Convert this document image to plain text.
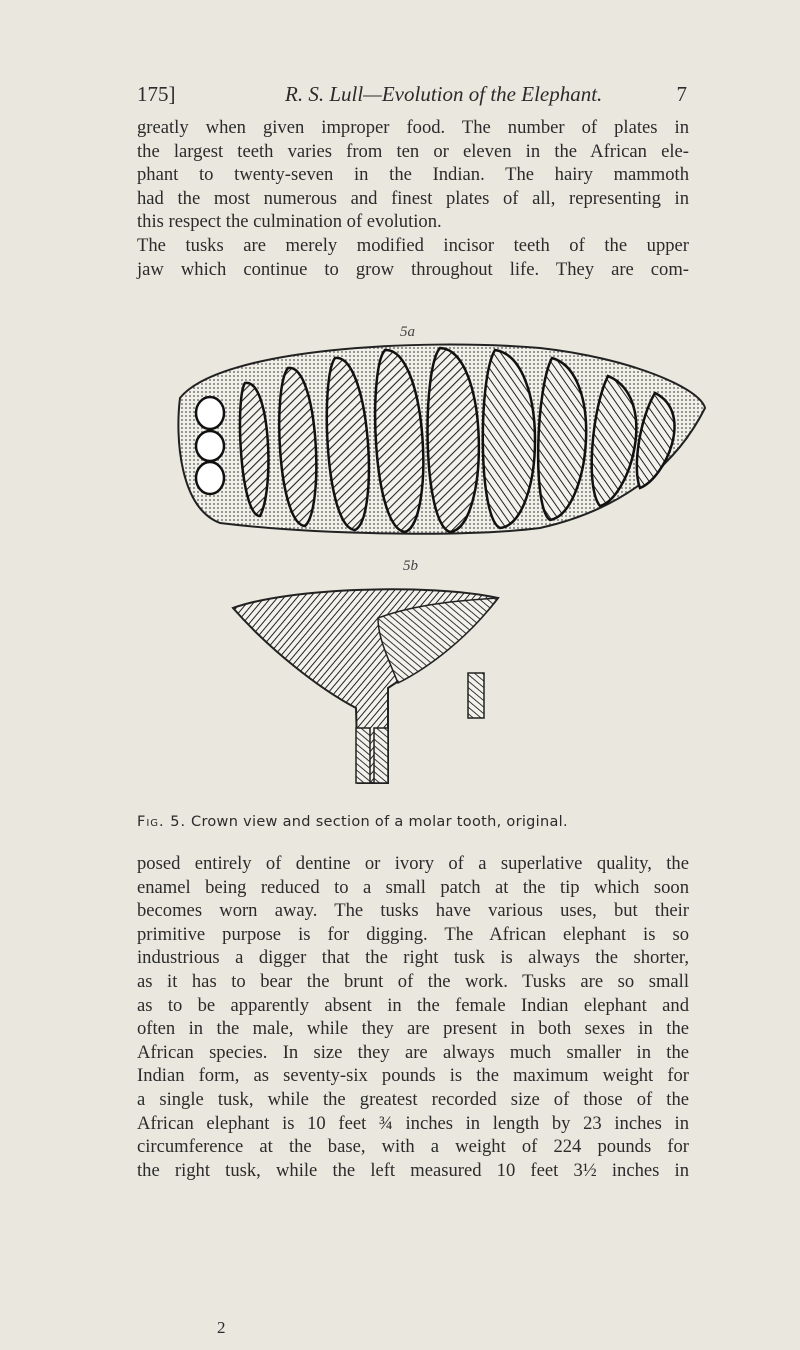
175]	R. S. Lull—Evolution of the Elephant.	7

greatly when given improper food. The number of plates in
the largest teeth varies from ten or eleven in the African ele-
phant to twenty-seven in the Indian. The hairy mammoth
had the most numerous and finest plates of all, representing in
this respect the culmination of evolution.
The tusks are merely modified incisor teeth of the upper
jaw which continue to grow throughout life. They are com-

5a
5b
Fig. 5. Crown view and section of a molar tooth, original.

posed entirely of dentine or ivory of a superlative quality, the
enamel being reduced to a small patch at the tip which soon
becomes worn away. The tusks have various uses, but their
primitive purpose is for digging. The African elephant is so
industrious a digger that the right tusk is always the shorter,
as it has to bear the brunt of the work. Tusks are so small
as to be apparently absent in the female Indian elephant and
often in the male, while they are present in both sexes in the
African species. In size they are always much smaller in the
Indian form, as seventy-six pounds is the maximum weight for
a single tusk, while the greatest recorded size of those of the
African elephant is 10 feet ¾ inches in length by 23 inches in
circumference at the base, with a weight of 224 pounds for
the right tusk, while the left measured 10 feet 3½ inches in

2
